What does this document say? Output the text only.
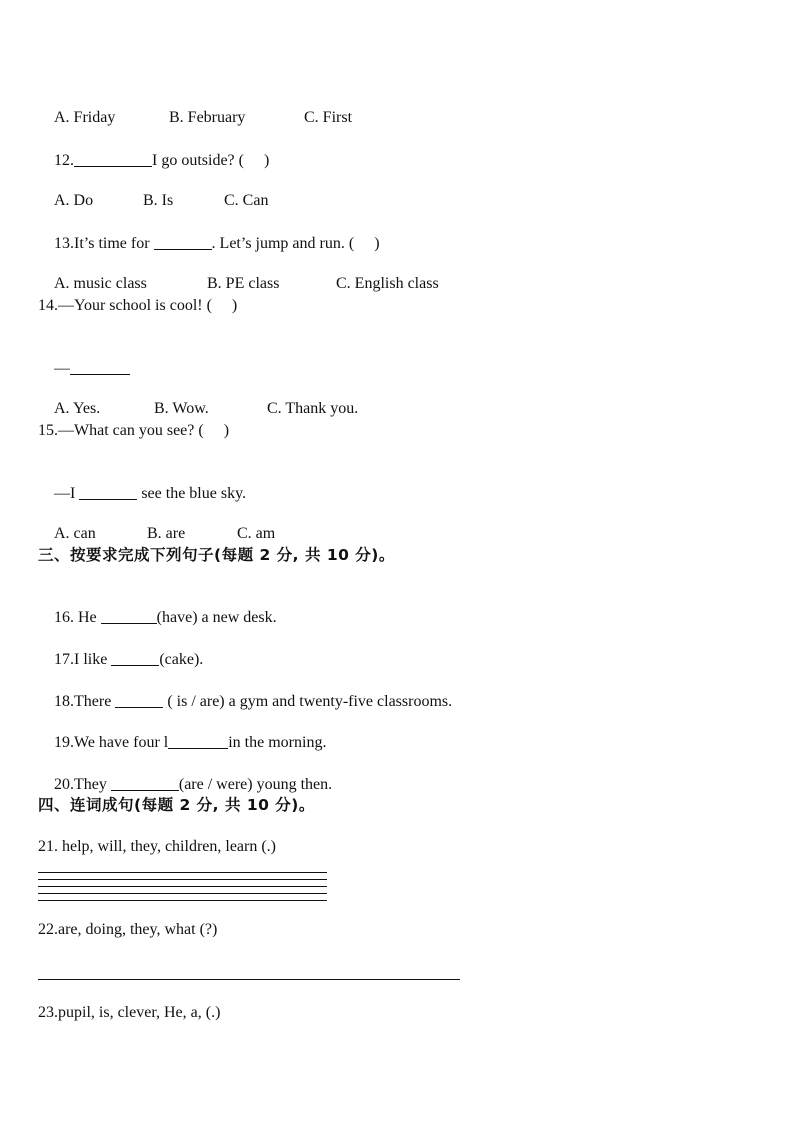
A. Friday	B. February	C. First

12.	I go outside? (     )

A. Do	B. Is	C. Can

13.It’s time for	. Let’s jump and run. (     )

A. music class	B. PE class	C. English class

14.—Your school is cool! (     )

—

A. Yes.	B. Wow.	C. Thank you.

15.—What can you see? (     )

—I	see the blue sky.

A. can	B. are	C. am

三、按要求完成下列句子(每题 2 分, 共 10 分)。

16. He	(have) a new desk.

17.I like	(cake).

18.There	( is / are) a gym and twenty-five classrooms.

19.We have four l	in the morning.

20.They	(are / were) young then.

四、连词成句(每题 2 分, 共 10 分)。
21. help, will, they, children, learn (.)
22.are, doing, they, what (?)
23.pupil, is, clever, He, a, (.)
